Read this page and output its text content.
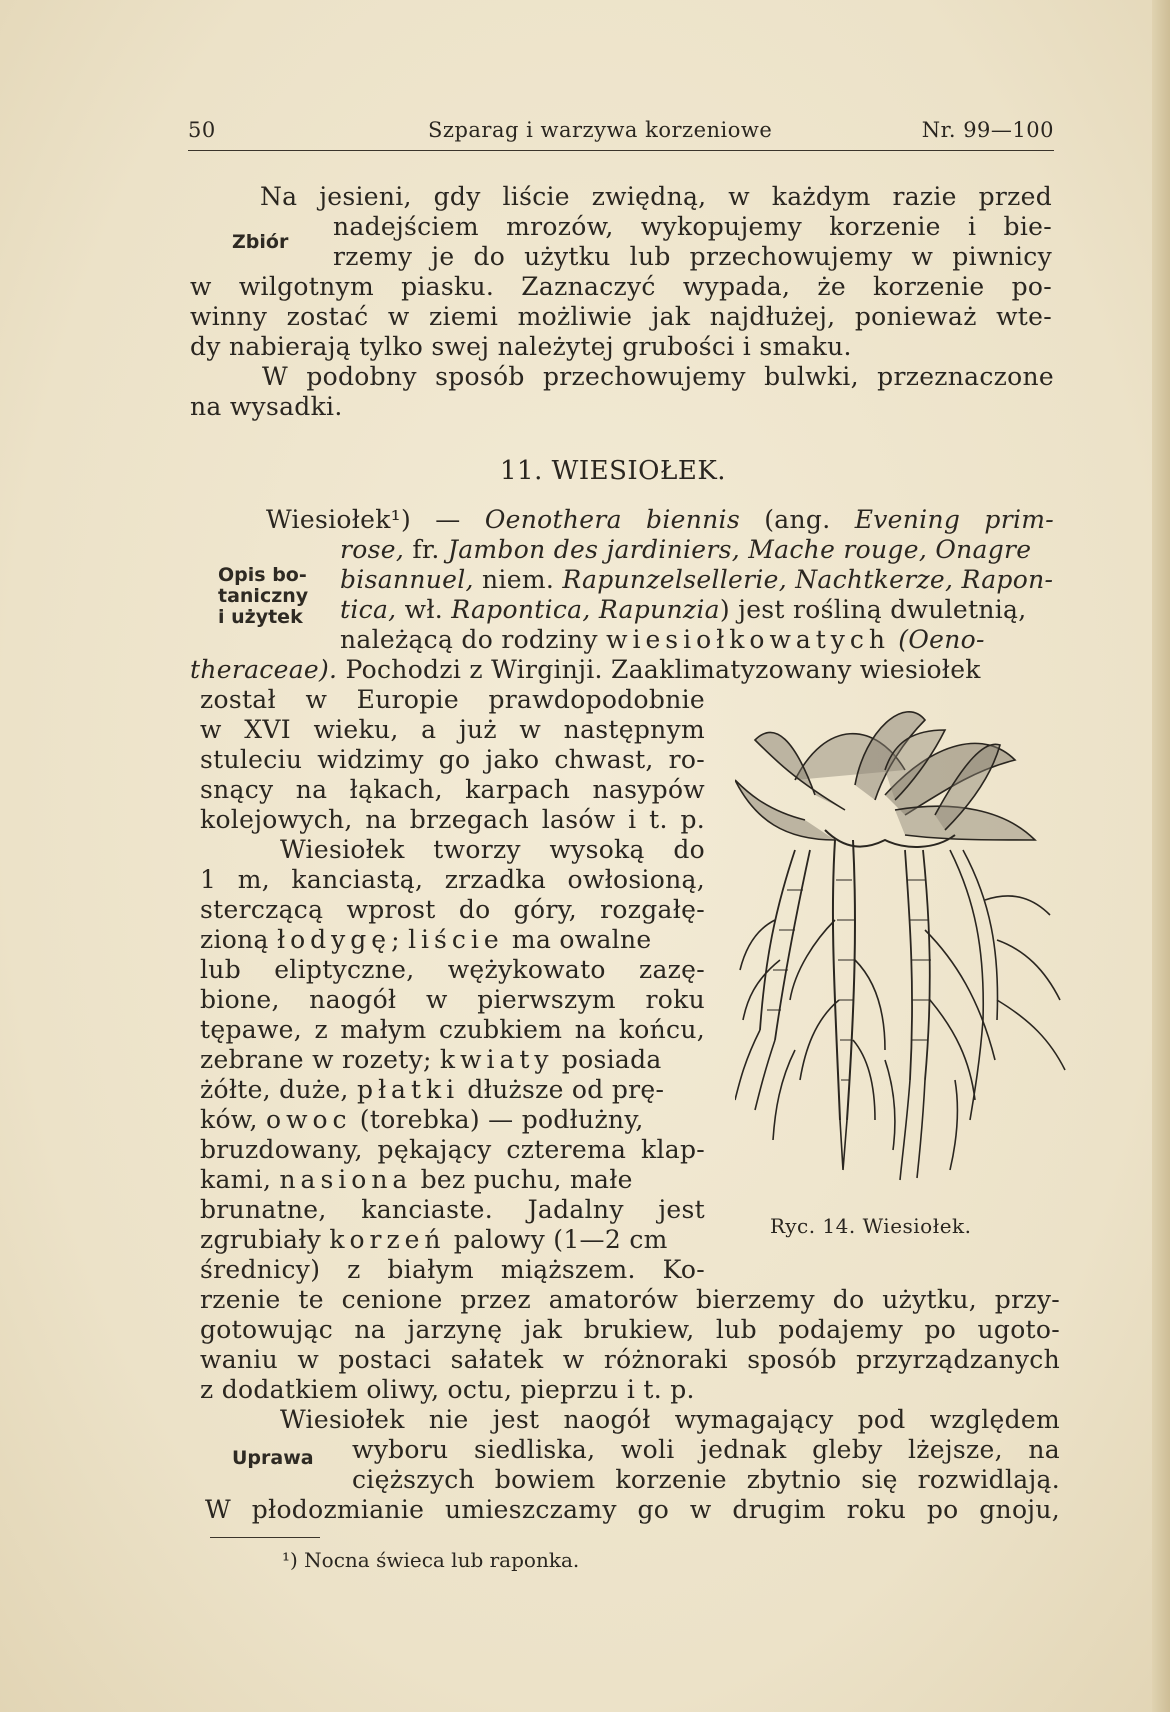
50	Szparag i warzywa korzeniowe	Nr. 99—100
Zbiór
Na jesieni, gdy liście zwiędną, w każdym razie przed
nadejściem mrozów, wykopujemy korzenie i bie-
rzemy je do użytku lub przechowujemy w piwnicy
w wilgotnym piasku. Zaznaczyć wypada, że korzenie po-
winny zostać w ziemi możliwie jak najdłużej, ponieważ wte-
dy nabierają tylko swej należytej grubości i smaku.
W podobny sposób przechowujemy bulwki, przeznaczone
na wysadki.
11. WIESIOŁEK.
Opis bo-
taniczny
i użytek
Wiesiołek¹) — Oenothera biennis (ang. Evening prim-
rose, fr. Jambon des jardiniers, Mache rouge, Onagre
bisannuel, niem. Rapunzelsellerie, Nachtkerze, Rapon-
tica, wł. Rapontica, Rapunzia) jest rośliną dwuletnią,
należącą do rodziny wiesiołkowatych (Oeno-
theraceae). Pochodzi z Wirginji. Zaaklimatyzowany wiesiołek
został w Europie prawdopodobnie
w XVI wieku, a już w następnym
stuleciu widzimy go jako chwast, ro-
snący na łąkach, karpach nasypów
kolejowych, na brzegach lasów i t. p.
Wiesiołek tworzy wysoką do
1 m, kanciastą, zrzadka owłosioną,
sterczącą wprost do góry, rozgałę-
zioną łodygę; liście ma owalne
lub eliptyczne, wężykowato zazę-
bione, naogół w pierwszym roku
tępawe, z małym czubkiem na końcu,
zebrane w rozety; kwiaty posiada
żółte, duże, płatki dłuższe od prę-
ków, owoc (torebka) — podłużny,
bruzdowany, pękający czterema klap-
kami, nasiona bez puchu, małe
brunatne, kanciaste. Jadalny jest
zgrubiały korzeń palowy (1—2 cm
średnicy) z białym miąższem. Ko-
Ryc. 14. Wiesiołek.
rzenie te cenione przez amatorów bierzemy do użytku, przy-
gotowując na jarzynę jak brukiew, lub podajemy po ugoto-
waniu w postaci sałatek w różnoraki sposób przyrządzanych
z dodatkiem oliwy, octu, pieprzu i t. p.
Uprawa
Wiesiołek nie jest naogół wymagający pod względem
wyboru siedliska, woli jednak gleby lżejsze, na
cięższych bowiem korzenie zbytnio się rozwidlają.
W płodozmianie umieszczamy go w drugim roku po gnoju,
¹) Nocna świeca lub raponka.
